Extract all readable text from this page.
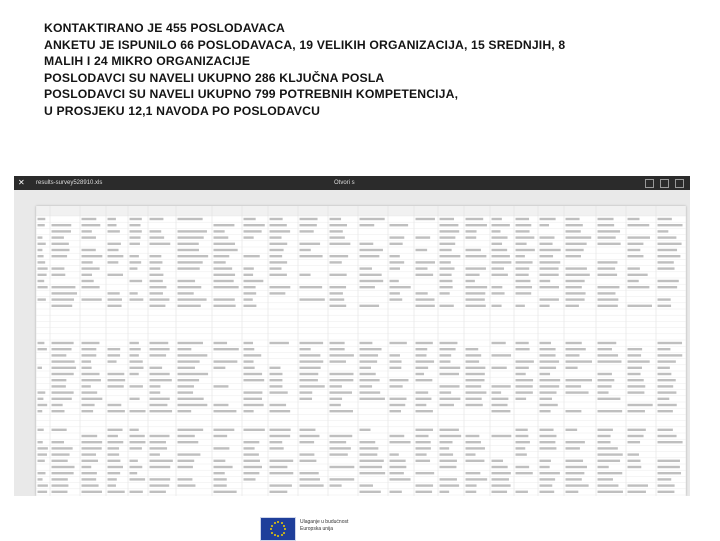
KONTAKTIRANO JE 455 POSLODAVACA
ANKETU JE ISPUNILO 66 POSLODAVACA, 19 VELIKIH ORGANIZACIJA, 15 SREDNJIH, 8
MALIH I 24 MIKRO ORGANIZACIJE
POSLODAVCI SU NAVELI UKUPNO 286 KLJUČNA POSLA
POSLODAVCI SU NAVELI UKUPNO 799 POTREBNIH KOMPETENCIJA,
U PROSJEKU 12,1 NAVODA PO POSLODAVCU
✕ results-survey528910.xls	Otvori s
Ulaganje u budućnost
Europska unija
